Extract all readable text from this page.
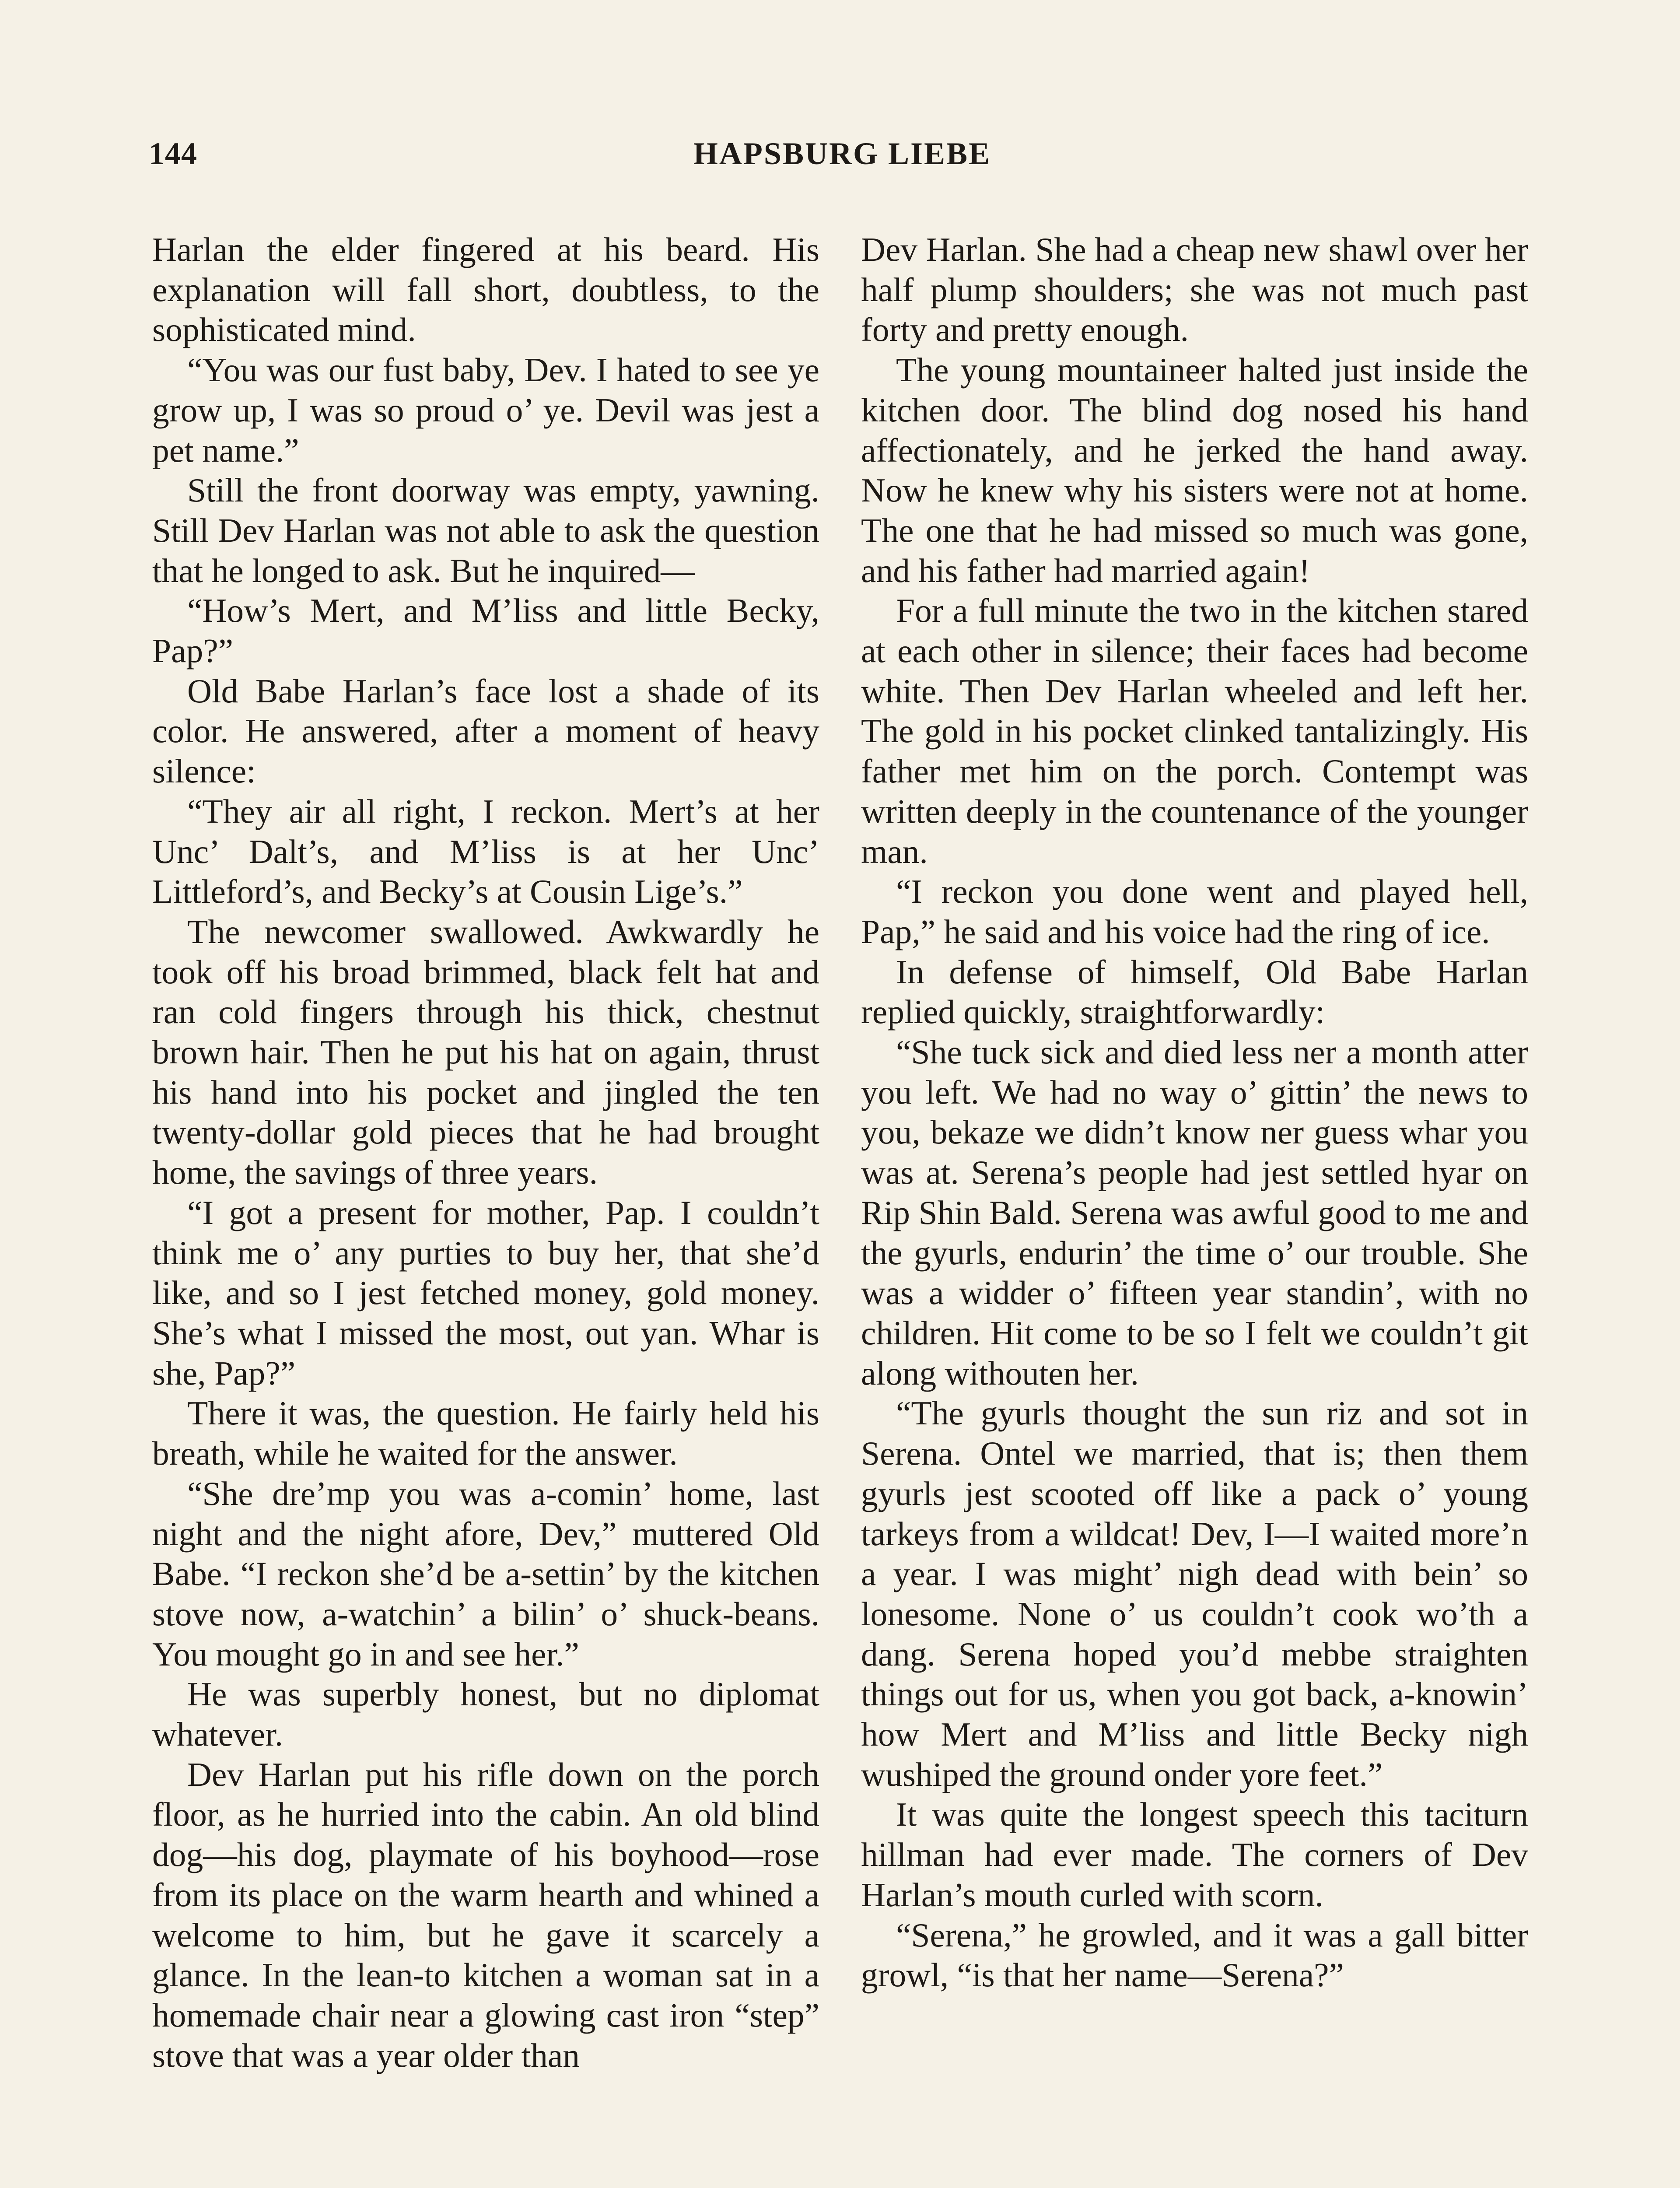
144	HAPSBURG LIEBE

Harlan the elder fingered at his beard. His explanation will fall short, doubtless, to the sophisticated mind.

“You was our fust baby, Dev. I hated to see ye grow up, I was so proud o’ ye. Devil was jest a pet name.”

Still the front doorway was empty, yawning. Still Dev Harlan was not able to ask the question that he longed to ask. But he inquired—

“How’s Mert, and M’liss and little Becky, Pap?”

Old Babe Harlan’s face lost a shade of its color. He answered, after a moment of heavy silence:

“They air all right, I reckon. Mert’s at her Unc’ Dalt’s, and M’liss is at her Unc’ Littleford’s, and Becky’s at Cousin Lige’s.”

The newcomer swallowed. Awkwardly he took off his broad brimmed, black felt hat and ran cold fingers through his thick, chestnut brown hair. Then he put his hat on again, thrust his hand into his pocket and jingled the ten twenty-dollar gold pieces that he had brought home, the savings of three years.

“I got a present for mother, Pap. I couldn’t think me o’ any purties to buy her, that she’d like, and so I jest fetched money, gold money. She’s what I missed the most, out yan. Whar is she, Pap?”

There it was, the question. He fairly held his breath, while he waited for the answer.

“She dre’mp you was a-comin’ home, last night and the night afore, Dev,” muttered Old Babe. “I reckon she’d be a-settin’ by the kitchen stove now, a-watchin’ a bilin’ o’ shuck-beans. You mought go in and see her.”

He was superbly honest, but no diplomat whatever.

Dev Harlan put his rifle down on the porch floor, as he hurried into the cabin. An old blind dog—his dog, playmate of his boyhood—rose from its place on the warm hearth and whined a welcome to him, but he gave it scarcely a glance. In the lean-to kitchen a woman sat in a homemade chair near a glowing cast iron “step” stove that was a year older than

Dev Harlan. She had a cheap new shawl over her half plump shoulders; she was not much past forty and pretty enough.

The young mountaineer halted just inside the kitchen door. The blind dog nosed his hand affectionately, and he jerked the hand away. Now he knew why his sisters were not at home. The one that he had missed so much was gone, and his father had married again!

For a full minute the two in the kitchen stared at each other in silence; their faces had become white. Then Dev Harlan wheeled and left her. The gold in his pocket clinked tantalizingly. His father met him on the porch. Contempt was written deeply in the countenance of the younger man.

“I reckon you done went and played hell, Pap,” he said and his voice had the ring of ice.

In defense of himself, Old Babe Harlan replied quickly, straightforwardly:

“She tuck sick and died less ner a month atter you left. We had no way o’ gittin’ the news to you, bekaze we didn’t know ner guess whar you was at. Serena’s people had jest settled hyar on Rip Shin Bald. Serena was awful good to me and the gyurls, endurin’ the time o’ our trouble. She was a widder o’ fifteen year standin’, with no children. Hit come to be so I felt we couldn’t git along withouten her.

“The gyurls thought the sun riz and sot in Serena. Ontel we married, that is; then them gyurls jest scooted off like a pack o’ young tarkeys from a wildcat! Dev, I—I waited more’n a year. I was might’ nigh dead with bein’ so lonesome. None o’ us couldn’t cook wo’th a dang. Serena hoped you’d mebbe straighten things out for us, when you got back, a-knowin’ how Mert and M’liss and little Becky nigh wushiped the ground onder yore feet.”

It was quite the longest speech this taciturn hillman had ever made. The corners of Dev Harlan’s mouth curled with scorn.

“Serena,” he growled, and it was a gall bitter growl, “is that her name—Serena?”
